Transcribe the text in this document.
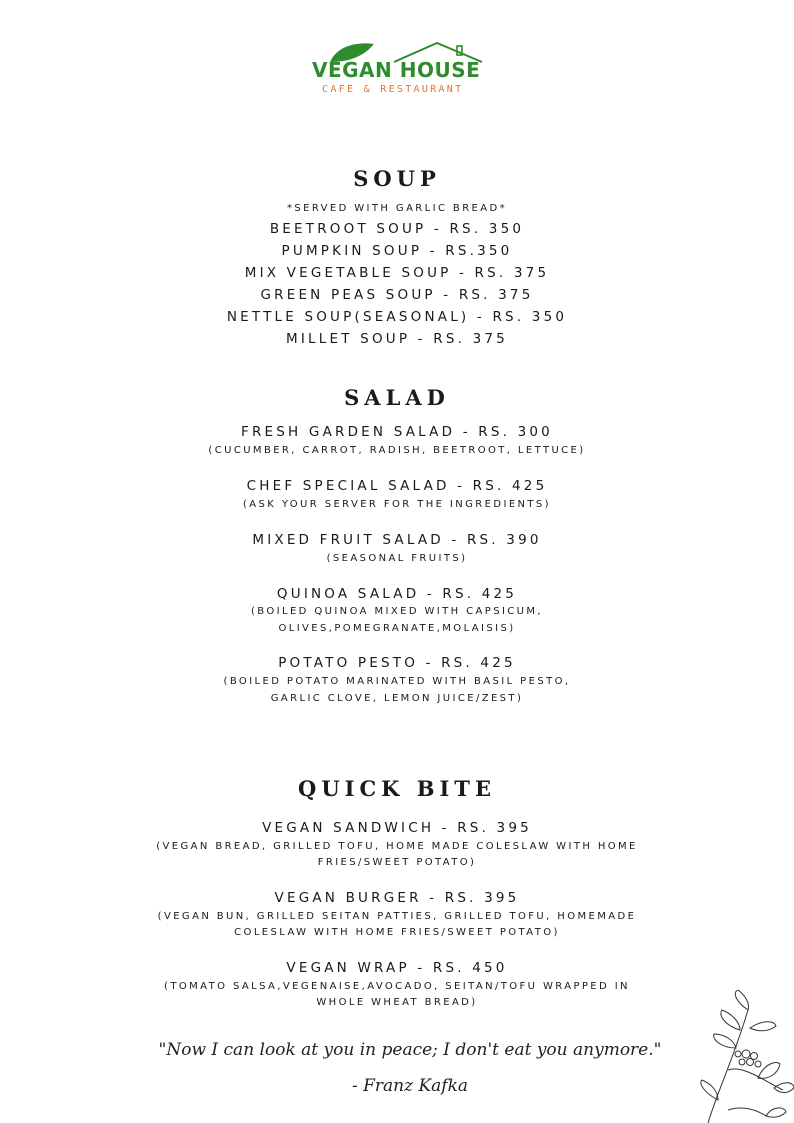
VEGAN HOUSE
CAFE & RESTAURANT
SOUP
*SERVED WITH GARLIC BREAD*
BEETROOT SOUP - RS. 350
PUMPKIN SOUP - RS.350
MIX VEGETABLE SOUP - RS. 375
GREEN PEAS SOUP - RS. 375
NETTLE SOUP(SEASONAL) - RS. 350
MILLET SOUP - RS. 375
SALAD
FRESH GARDEN SALAD - RS. 300
(CUCUMBER, CARROT, RADISH, BEETROOT, LETTUCE)
CHEF SPECIAL SALAD - RS. 425
(ASK YOUR SERVER FOR THE INGREDIENTS)
MIXED FRUIT SALAD - RS. 390
(SEASONAL FRUITS)
QUINOA SALAD - RS. 425
(BOILED QUINOA MIXED WITH CAPSICUM,
OLIVES,POMEGRANATE,MOLAISIS)
POTATO PESTO - RS. 425
(BOILED POTATO MARINATED WITH BASIL PESTO,
GARLIC CLOVE, LEMON JUICE/ZEST)
QUICK BITE
VEGAN SANDWICH - RS. 395
(VEGAN BREAD, GRILLED TOFU, HOME MADE COLESLAW WITH HOME
FRIES/SWEET POTATO)
VEGAN BURGER - RS. 395
(VEGAN BUN, GRILLED SEITAN PATTIES, GRILLED TOFU, HOMEMADE
COLESLAW WITH HOME FRIES/SWEET POTATO)
VEGAN WRAP - RS. 450
(TOMATO SALSA,VEGENAISE,AVOCADO, SEITAN/TOFU WRAPPED IN
WHOLE WHEAT BREAD)
"Now I can look at you in peace; I don't eat you anymore."
- Franz Kafka
